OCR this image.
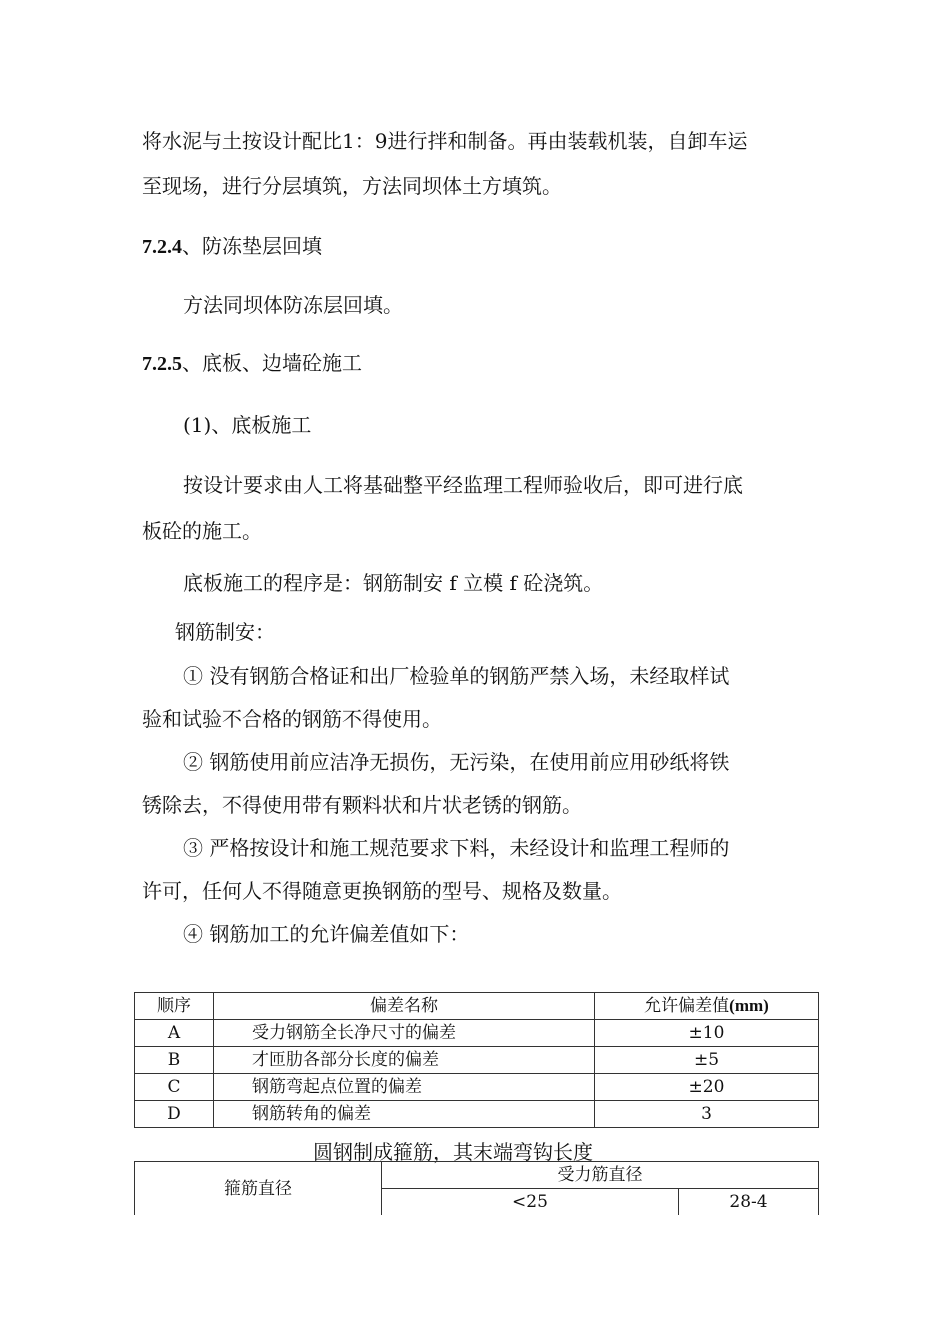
将水泥与土按设计配比1：9进行拌和制备。再由装载机装，自卸车运
至现场，进行分层填筑，方法同坝体土方填筑。
7.2.4、防冻垫层回填
方法同坝体防冻层回填。
7.2.5、底板、边墙砼施工
(1)、底板施工
按设计要求由人工将基础整平经监理工程师验收后，即可进行底
板砼的施工。
底板施工的程序是：钢筋制安 f 立模 f 砼浇筑。
钢筋制安：
① 没有钢筋合格证和出厂检验单的钢筋严禁入场，未经取样试
验和试验不合格的钢筋不得使用。
② 钢筋使用前应洁净无损伤，无污染，在使用前应用砂纸将铁
锈除去，不得使用带有颗料状和片状老锈的钢筋。
③ 严格按设计和施工规范要求下料，未经设计和监理工程师的
许可，任何人不得随意更换钢筋的型号、规格及数量。
④ 钢筋加工的允许偏差值如下：
顺序	偏差名称	允许偏差值(mm)
A	受力钢筋全长净尺寸的偏差	±10
B	才匝肋各部分长度的偏差	±5
C	钢筋弯起点位置的偏差	±20
D	钢筋转角的偏差	3
圆钢制成箍筋，其末端弯钩长度
箍筋直径	受力筋直径	
	<25	28-4
